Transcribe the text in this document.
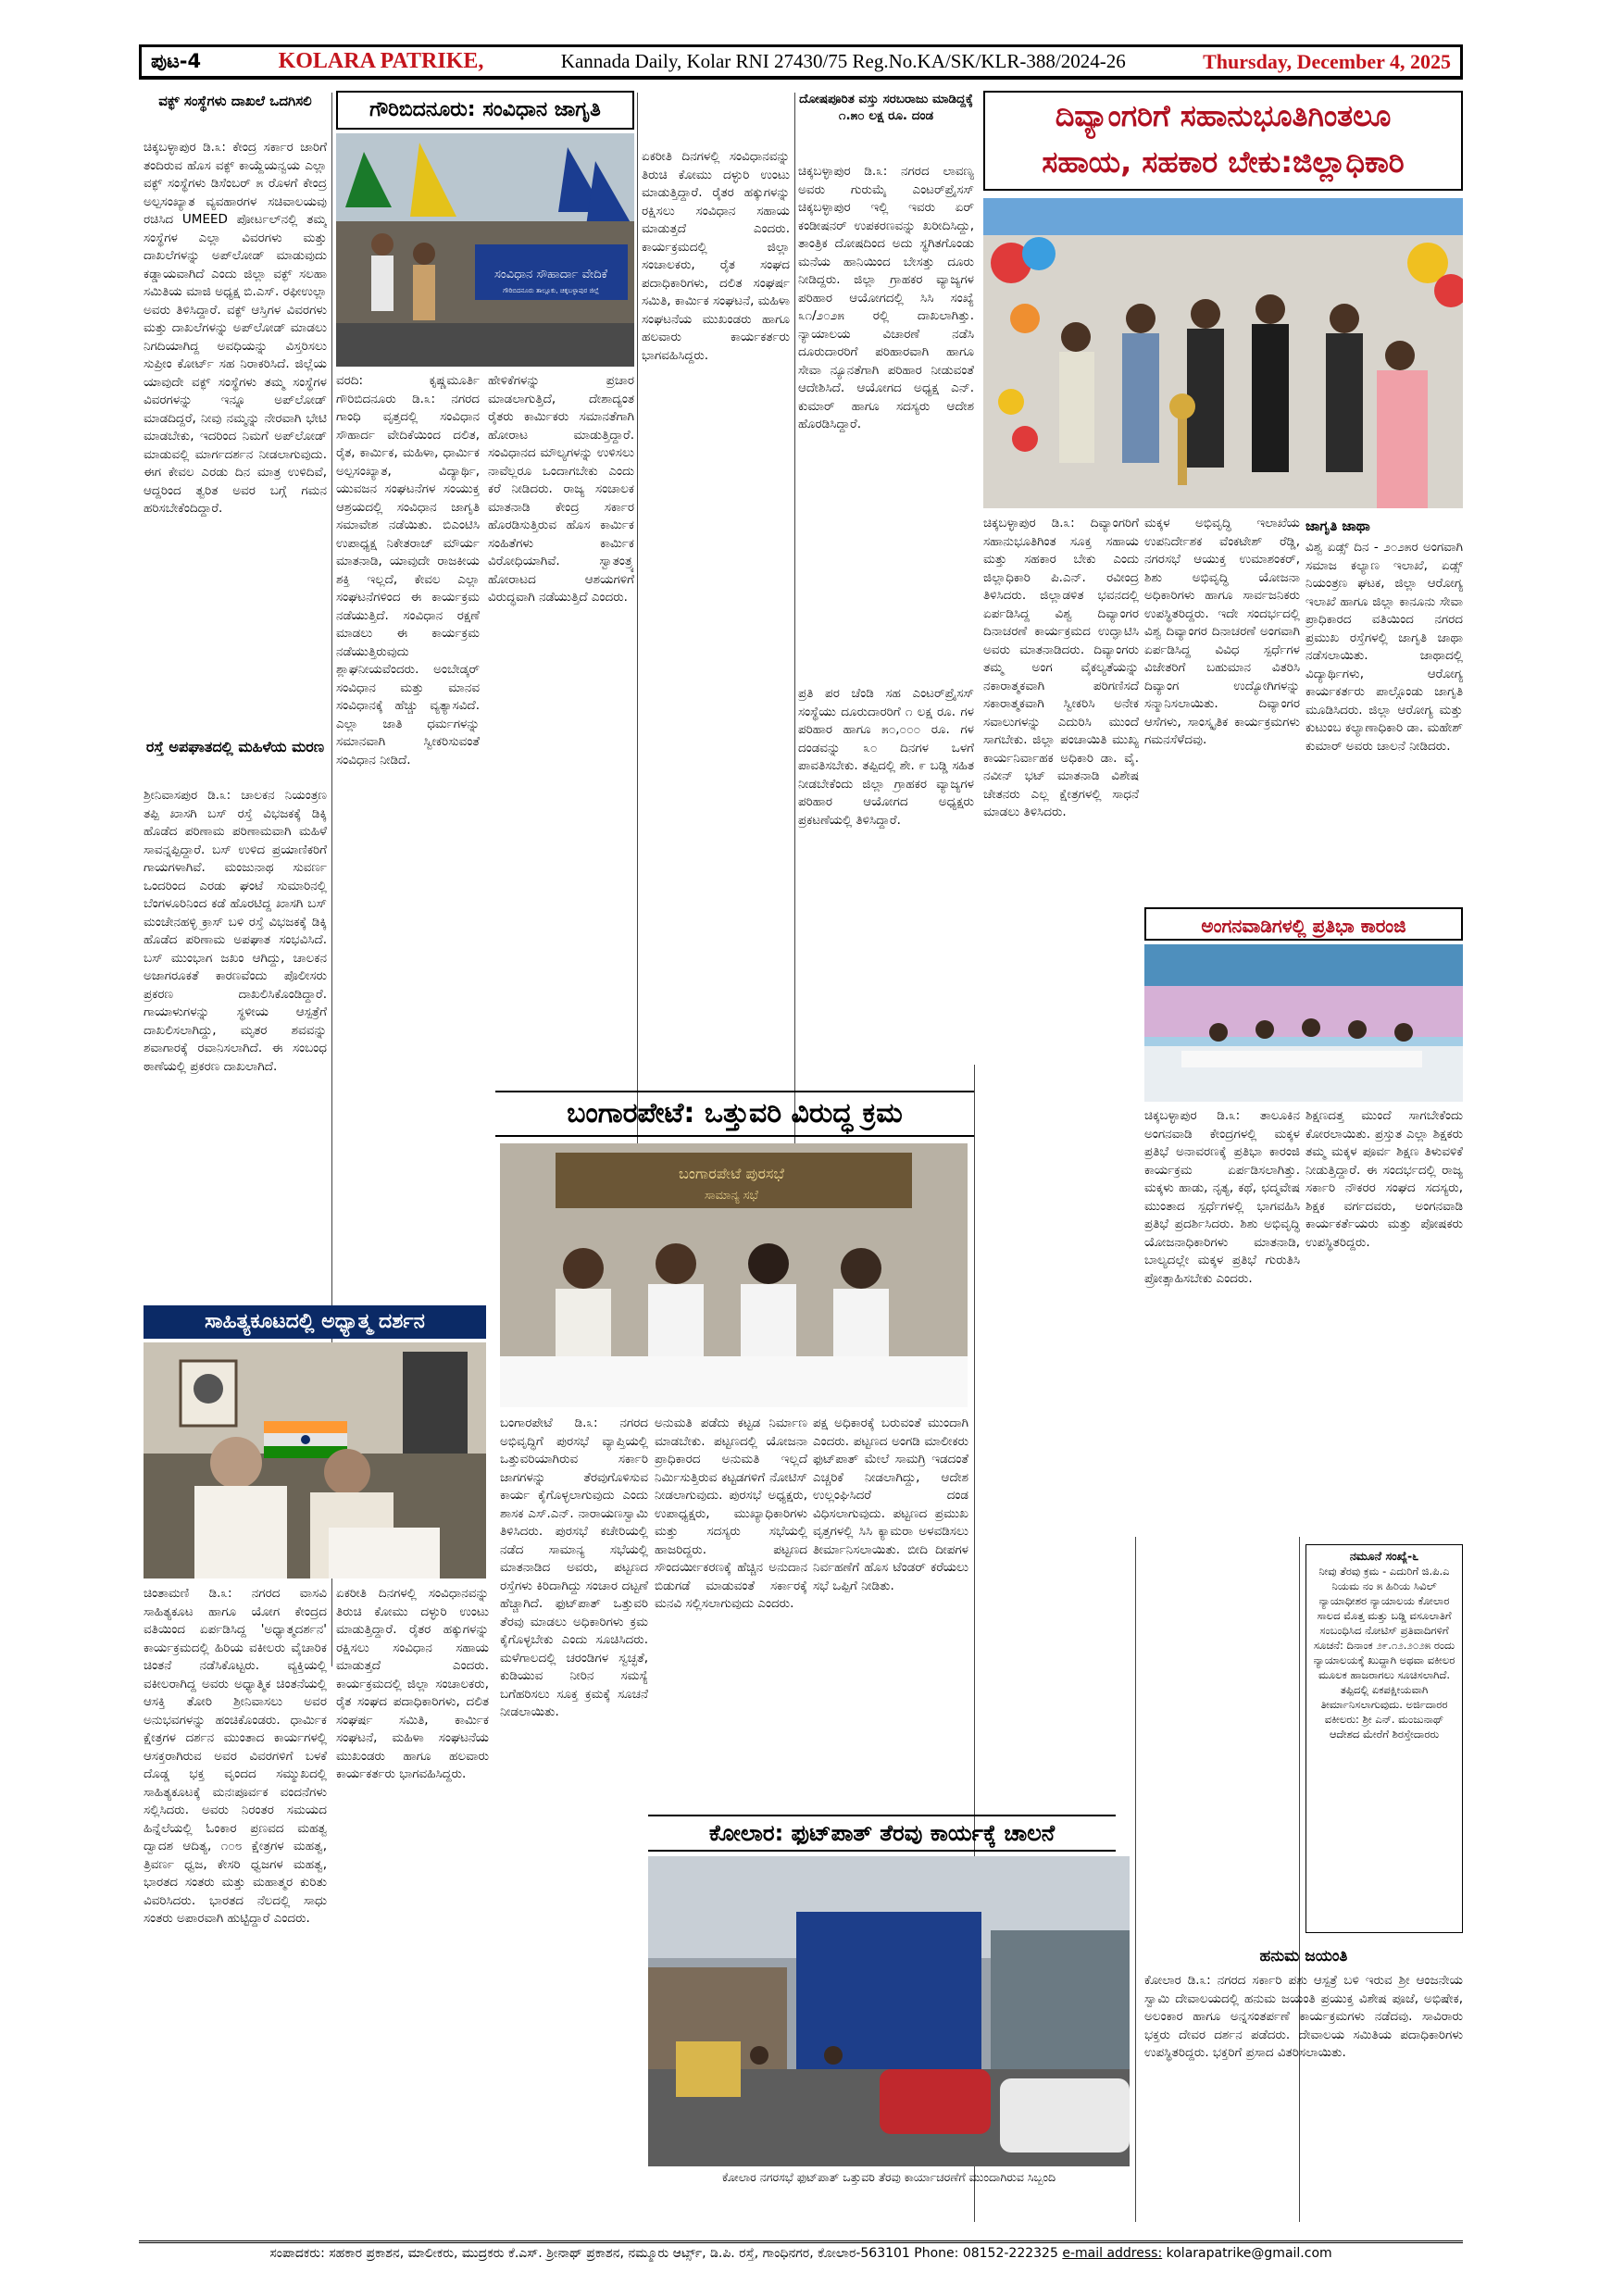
ಪುಟ-4	KOLARA PATRIKE,	Kannada Daily, Kolar RNI 27430/75 Reg.No.KA/SK/KLR-388/2024-26	Thursday, December 4, 2025
ವಕ್ಫ್ ಸಂಸ್ಥೆಗಳು ದಾಖಲೆ ಒದಗಿಸಲಿ
ಚಿಕ್ಕಬಳ್ಳಾಪುರ ಡಿ.೩: ಕೇಂದ್ರ ಸರ್ಕಾರ ಜಾರಿಗೆ ತಂದಿರುವ ಹೊಸ ವಕ್ಫ್ ಕಾಯ್ದೆಯನ್ವಯ ಎಲ್ಲಾ ವಕ್ಫ್ ಸಂಸ್ಥೆಗಳು ಡಿಸೆಂಬರ್ ೫ ರೊಳಗೆ ಕೇಂದ್ರ ಅಲ್ಪಸಂಖ್ಯಾತ ವ್ಯವಹಾರಗಳ ಸಚಿವಾಲಯವು ರಚಿಸಿದ UMEED ಪೋರ್ಟಲ್‌ನಲ್ಲಿ ತಮ್ಮ ಸಂಸ್ಥೆಗಳ ಎಲ್ಲಾ ವಿವರಗಳು ಮತ್ತು ದಾಖಲೆಗಳನ್ನು ಅಪ್‌ಲೋಡ್ ಮಾಡುವುದು ಕಡ್ಡಾಯವಾಗಿದೆ ಎಂದು ಜಿಲ್ಲಾ ವಕ್ಫ್ ಸಲಹಾ ಸಮಿತಿಯ ಮಾಜಿ ಅಧ್ಯಕ್ಷ ಬಿ.ಎಸ್. ರಫೀಉಲ್ಲಾ ಅವರು ತಿಳಿಸಿದ್ದಾರೆ. ವಕ್ಫ್ ಆಸ್ತಿಗಳ ವಿವರಗಳು ಮತ್ತು ದಾಖಲೆಗಳನ್ನು ಅಪ್‌ಲೋಡ್ ಮಾಡಲು ನಿಗದಿಯಾಗಿದ್ದ ಅವಧಿಯನ್ನು ವಿಸ್ತರಿಸಲು ಸುಪ್ರೀಂ ಕೋರ್ಟ್ ಸಹ ನಿರಾಕರಿಸಿದೆ. ಜಿಲ್ಲೆಯ ಯಾವುದೇ ವಕ್ಫ್ ಸಂಸ್ಥೆಗಳು ತಮ್ಮ ಸಂಸ್ಥೆಗಳ ವಿವರಗಳನ್ನು ಇನ್ನೂ ಅಪ್‌ಲೋಡ್ ಮಾಡದಿದ್ದರೆ, ನೀವು ನಮ್ಮನ್ನು ನೇರವಾಗಿ ಭೇಟಿ ಮಾಡಬೇಕು, ಇದರಿಂದ ನಿಮಗೆ ಅಪ್‌ಲೋಡ್ ಮಾಡುವಲ್ಲಿ ಮಾರ್ಗದರ್ಶನ ನೀಡಲಾಗುವುದು. ಈಗ ಕೇವಲ ಎರಡು ದಿನ ಮಾತ್ರ ಉಳಿದಿವೆ, ಆದ್ದರಿಂದ ತ್ವರಿತ ಅವರ ಬಗ್ಗೆ ಗಮನ ಹರಿಸಬೇಕೆಂದಿದ್ದಾರೆ.
ರಸ್ತೆ ಅಪಘಾತದಲ್ಲಿ ಮಹಿಳೆಯ ಮರಣ
ಶ್ರೀನಿವಾಸಪುರ ಡಿ.೩: ಚಾಲಕನ ನಿಯಂತ್ರಣ ತಪ್ಪಿ ಖಾಸಗಿ ಬಸ್ ರಸ್ತೆ ವಿಭಜಕಕ್ಕೆ ಡಿಕ್ಕಿ ಹೊಡೆದ ಪರಿಣಾಮ ಪರಿಣಾಮವಾಗಿ ಮಹಿಳೆ ಸಾವನ್ನಪ್ಪಿದ್ದಾರೆ. ಬಸ್ ಉಳಿದ ಪ್ರಯಾಣಿಕರಿಗೆ ಗಾಯಗಳಾಗಿವೆ. ಮಂಜುನಾಥ ಸುವರ್ಣ ಒಂದರಿಂದ ಎರಡು ಘಂಟೆ ಸುಮಾರಿನಲ್ಲಿ ಬೆಂಗಳೂರಿನಿಂದ ಕಡೆ ಹೊರಟಿದ್ದ ಖಾಸಗಿ ಬಸ್ ಮಂಚೇನಹಳ್ಳಿ ಕ್ರಾಸ್ ಬಳಿ ರಸ್ತೆ ವಿಭಜಕಕ್ಕೆ ಡಿಕ್ಕಿ ಹೊಡೆದ ಪರಿಣಾಮ ಅಪಘಾತ ಸಂಭವಿಸಿದೆ. ಬಸ್ ಮುಂಭಾಗ ಜಖಂ ಆಗಿದ್ದು, ಚಾಲಕನ ಅಜಾಗರೂಕತೆ ಕಾರಣವೆಂದು ಪೊಲೀಸರು ಪ್ರಕರಣ ದಾಖಲಿಸಿಕೊಂಡಿದ್ದಾರೆ. ಗಾಯಾಳುಗಳನ್ನು ಸ್ಥಳೀಯ ಆಸ್ಪತ್ರೆಗೆ ದಾಖಲಿಸಲಾಗಿದ್ದು, ಮೃತರ ಶವವನ್ನು ಶವಾಗಾರಕ್ಕೆ ರವಾನಿಸಲಾಗಿದೆ. ಈ ಸಂಬಂಧ ಠಾಣೆಯಲ್ಲಿ ಪ್ರಕರಣ ದಾಖಲಾಗಿದೆ.
ಸಾಹಿತ್ಯಕೂಟದಲ್ಲಿ ಅಧ್ಯಾತ್ಮ ದರ್ಶನ
ಚಿಂತಾಮಣಿ ಡಿ.೩: ನಗರದ ವಾಸವಿ ಸಾಹಿತ್ಯಕೂಟ ಹಾಗೂ ಯೋಗ ಕೇಂದ್ರದ ವತಿಯಿಂದ ಏರ್ಪಡಿಸಿದ್ದ 'ಅಧ್ಯಾತ್ಮದರ್ಶನ' ಕಾರ್ಯಕ್ರಮದಲ್ಲಿ ಹಿರಿಯ ವಕೀಲರು ವೈಚಾರಿಕ ಚಿಂತನೆ ನಡೆಸಿಕೊಟ್ಟರು. ವ್ಯಕ್ತಿಯಲ್ಲಿ ವಕೀಲರಾಗಿದ್ದ ಅವರು ಅಧ್ಯಾತ್ಮಿಕ ಚಿಂತನೆಯಲ್ಲಿ ಆಸಕ್ತಿ ತೋರಿ ಶ್ರೀನಿವಾಸಲು ಅವರ ಅನುಭವಗಳನ್ನು ಹಂಚಿಕೊಂಡರು. ಧಾರ್ಮಿಕ ಕ್ಷೇತ್ರಗಳ ದರ್ಶನ ಮುಂತಾದ ಕಾರ್ಯಗಳಲ್ಲಿ ಆಸಕ್ತರಾಗಿರುವ ಅವರ ವಿವರಗಳಿಗೆ ಬಳಕೆ ದೊಡ್ಡ ಭಕ್ತ ವೃಂದದ ಸಮ್ಮುಖದಲ್ಲಿ ಸಾಹಿತ್ಯಕೂಟಕ್ಕೆ ಮನಃಪೂರ್ವಕ ವಂದನೆಗಳು ಸಲ್ಲಿಸಿದರು. ಅವರು ನಿರಂತರ ಸಮಯದ ಹಿನ್ನೆಲೆಯಲ್ಲಿ ಓಂಕಾರ ಪ್ರಣವದ ಮಹತ್ವ ದ್ವಾದಶ ಆದಿತ್ಯ, ೧೦೮ ಕ್ಷೇತ್ರಗಳ ಮಹತ್ವ, ತ್ರಿವರ್ಣ ಧ್ವಜ, ಕೇಸರಿ ಧ್ವಜಗಳ ಮಹತ್ವ, ಭಾರತದ ಸಂತರು ಮತ್ತು ಮಹಾತ್ಮರ ಕುರಿತು ವಿವರಿಸಿದರು. ಭಾರತದ ನೆಲದಲ್ಲಿ ಸಾಧು ಸಂತರು ಅಪಾರವಾಗಿ ಹುಟ್ಟಿದ್ದಾರೆ ಎಂದರು.
ಗೌರಿಬಿದನೂರು: ಸಂವಿಧಾನ ಜಾಗೃತಿ
ಸಂವಿಧಾನ ಸೌಹಾರ್ದಾ ವೇದಿಕೆ
ಗೌರಿಬಿದನೂರು ತಾಲ್ಲೂಕು, ಚಿಕ್ಕಬಳ್ಳಾಪುರ ಜಿಲ್ಲೆ
ವರದಿ: ಕೃಷ್ಣಮೂರ್ತಿ ಗೌರಿಬಿದನೂರು ಡಿ.೩: ನಗರದ ಗಾಂಧಿ ವೃತ್ತದಲ್ಲಿ ಸಂವಿಧಾನ ಸೌಹಾರ್ದ ವೇದಿಕೆಯಿಂದ ದಲಿತ, ರೈತ, ಕಾರ್ಮಿಕ, ಮಹಿಳಾ, ಧಾರ್ಮಿಕ ಅಲ್ಪಸಂಖ್ಯಾತ, ವಿದ್ಯಾರ್ಥಿ, ಯುವಜನ ಸಂಘಟನೆಗಳ ಸಂಯುಕ್ತ ಆಶ್ರಯದಲ್ಲಿ ಸಂವಿಧಾನ ಜಾಗೃತಿ ಸಮಾವೇಶ ನಡೆಯಿತು. ಬಿಎಂಟಿಸಿ ಉಪಾಧ್ಯಕ್ಷ ನಿಕೇತರಾಜ್ ಮೌರ್ಯ ಮಾತನಾಡಿ, ಯಾವುದೇ ರಾಜಕೀಯ ಶಕ್ತಿ ಇಲ್ಲದೆ, ಕೇವಲ ಎಲ್ಲಾ ಸಂಘಟನೆಗಳಿಂದ ಈ ಕಾರ್ಯಕ್ರಮ ನಡೆಯುತ್ತಿದೆ. ಸಂವಿಧಾನ ರಕ್ಷಣೆ ಮಾಡಲು ಈ ಕಾರ್ಯಕ್ರಮ ನಡೆಯುತ್ತಿರುವುದು ಶ್ಲಾಘನೀಯವೆಂದರು. ಅಂಬೇಡ್ಕರ್ ಸಂವಿಧಾನ ಮತ್ತು ಮಾನವ ಸಂವಿಧಾನಕ್ಕೆ ಹೆಚ್ಚು ವ್ಯತ್ಯಾಸವಿದೆ. ಎಲ್ಲಾ ಜಾತಿ ಧರ್ಮಗಳನ್ನು ಸಮಾನವಾಗಿ ಸ್ವೀಕರಿಸುವಂತೆ ಸಂವಿಧಾನ ನೀಡಿದೆ.
ಹೇಳಿಕೆಗಳನ್ನು ಪ್ರಚಾರ ಮಾಡಲಾಗುತ್ತಿದೆ, ದೇಶಾದ್ಯಂತ ರೈತರು ಕಾರ್ಮಿಕರು ಸಮಾನತೆಗಾಗಿ ಹೋರಾಟ ಮಾಡುತ್ತಿದ್ದಾರೆ. ಸಂವಿಧಾನದ ಮೌಲ್ಯಗಳನ್ನು ಉಳಿಸಲು ನಾವೆಲ್ಲರೂ ಒಂದಾಗಬೇಕು ಎಂದು ಕರೆ ನೀಡಿದರು. ರಾಜ್ಯ ಸಂಚಾಲಕ ಮಾತನಾಡಿ ಕೇಂದ್ರ ಸರ್ಕಾರ ಹೊರಡಿಸುತ್ತಿರುವ ಹೊಸ ಕಾರ್ಮಿಕ ಸಂಹಿತೆಗಳು ಕಾರ್ಮಿಕ ವಿರೋಧಿಯಾಗಿವೆ. ಸ್ವಾತಂತ್ರ್ಯ ಹೋರಾಟದ ಆಶಯಗಳಿಗೆ ವಿರುದ್ಧವಾಗಿ ನಡೆಯುತ್ತಿದೆ ಎಂದರು.
ಏಕರೀತಿ ದಿನಗಳಲ್ಲಿ ಸಂವಿಧಾನವನ್ನು ತಿರುಚಿ ಕೋಮು ದಳ್ಳುರಿ ಉಂಟು ಮಾಡುತ್ತಿದ್ದಾರೆ. ರೈತರ ಹಕ್ಕುಗಳನ್ನು ರಕ್ಷಿಸಲು ಸಂವಿಧಾನ ಸಹಾಯ ಮಾಡುತ್ತದೆ ಎಂದರು. ಕಾರ್ಯಕ್ರಮದಲ್ಲಿ ಜಿಲ್ಲಾ ಸಂಚಾಲಕರು, ರೈತ ಸಂಘದ ಪದಾಧಿಕಾರಿಗಳು, ದಲಿತ ಸಂಘರ್ಷ ಸಮಿತಿ, ಕಾರ್ಮಿಕ ಸಂಘಟನೆ, ಮಹಿಳಾ ಸಂಘಟನೆಯ ಮುಖಂಡರು ಹಾಗೂ ಹಲವಾರು ಕಾರ್ಯಕರ್ತರು ಭಾಗವಹಿಸಿದ್ದರು.
ದೋಷಪೂರಿತ ವಸ್ತು ಸರಬರಾಜು ಮಾಡಿದ್ದಕ್ಕೆ ೧.೫೦ ಲಕ್ಷ ರೂ. ದಂಡ
ಚಿಕ್ಕಬಳ್ಳಾಪುರ ಡಿ.೩: ನಗರದ ಲಾವಣ್ಯ ಅವರು ಗುರುಮೈ ಎಂಟರ್‌ಪ್ರೈಸಸ್ ಚಿಕ್ಕಬಳ್ಳಾಪುರ ಇಲ್ಲಿ ಇವರು ಏರ್ ಕಂಡೀಷನರ್ ಉಪಕರಣವನ್ನು ಖರೀದಿಸಿದ್ದು, ತಾಂತ್ರಿಕ ದೋಷದಿಂದ ಅದು ಸ್ಥಗಿತಗೊಂಡು ಮನೆಯ ಹಾನಿಯಿಂದ ಬೇಸತ್ತು ದೂರು ನೀಡಿದ್ದರು. ಜಿಲ್ಲಾ ಗ್ರಾಹಕರ ವ್ಯಾಜ್ಯಗಳ ಪರಿಹಾರ ಆಯೋಗದಲ್ಲಿ ಸಿಸಿ ಸಂಖ್ಯೆ ೩೧/೨೦೨೫ ರಲ್ಲಿ ದಾಖಲಾಗಿತ್ತು. ನ್ಯಾಯಾಲಯ ವಿಚಾರಣೆ ನಡೆಸಿ ದೂರುದಾರರಿಗೆ ಪರಿಹಾರವಾಗಿ ಹಾಗೂ ಸೇವಾ ನ್ಯೂನತೆಗಾಗಿ ಪರಿಹಾರ ನೀಡುವಂತೆ ಆದೇಶಿಸಿದೆ. ಆಯೋಗದ ಅಧ್ಯಕ್ಷ ಎನ್. ಕುಮಾರ್ ಹಾಗೂ ಸದಸ್ಯರು ಆದೇಶ ಹೊರಡಿಸಿದ್ದಾರೆ.
ಪ್ರತಿ ಪರ ಚೆಂಡಿ ಸಹ ಎಂಟರ್‌ಪ್ರೈಸಸ್ ಸಂಸ್ಥೆಯು ದೂರುದಾರರಿಗೆ ೧ ಲಕ್ಷ ರೂ. ಗಳ ಪರಿಹಾರ ಹಾಗೂ ೫೦,೦೦೦ ರೂ. ಗಳ ದಂಡವನ್ನು ೩೦ ದಿನಗಳ ಒಳಗೆ ಪಾವತಿಸಬೇಕು. ತಪ್ಪಿದಲ್ಲಿ ಶೇ. ೯ ಬಡ್ಡಿ ಸಹಿತ ನೀಡಬೇಕೆಂದು ಜಿಲ್ಲಾ ಗ್ರಾಹಕರ ವ್ಯಾಜ್ಯಗಳ ಪರಿಹಾರ ಆಯೋಗದ ಅಧ್ಯಕ್ಷರು ಪ್ರಕಟಣೆಯಲ್ಲಿ ತಿಳಿಸಿದ್ದಾರೆ.
ದಿವ್ಯಾಂಗರಿಗೆ ಸಹಾನುಭೂತಿಗಿಂತಲೂ
ಸಹಾಯ, ಸಹಕಾರ ಬೇಕು:ಜಿಲ್ಲಾಧಿಕಾರಿ
ಚಿಕ್ಕಬಳ್ಳಾಪುರ ಡಿ.೩: ದಿವ್ಯಾಂಗರಿಗೆ ಸಹಾನುಭೂತಿಗಿಂತ ಸೂಕ್ತ ಸಹಾಯ ಮತ್ತು ಸಹಕಾರ ಬೇಕು ಎಂದು ಜಿಲ್ಲಾಧಿಕಾರಿ ಪಿ.ಎನ್. ರವೀಂದ್ರ ತಿಳಿಸಿದರು. ಜಿಲ್ಲಾಡಳಿತ ಭವನದಲ್ಲಿ ಏರ್ಪಡಿಸಿದ್ದ ವಿಶ್ವ ದಿವ್ಯಾಂಗರ ದಿನಾಚರಣೆ ಕಾರ್ಯಕ್ರಮದ ಉದ್ಘಾಟಿಸಿ ಅವರು ಮಾತನಾಡಿದರು. ದಿವ್ಯಾಂಗರು ತಮ್ಮ ಅಂಗ ವೈಕಲ್ಯತೆಯನ್ನು ನಕಾರಾತ್ಮಕವಾಗಿ ಪರಿಗಣಿಸದೆ ಸಕಾರಾತ್ಮಕವಾಗಿ ಸ್ವೀಕರಿಸಿ ಅನೇಕ ಸವಾಲುಗಳನ್ನು ಎದುರಿಸಿ ಮುಂದೆ ಸಾಗಬೇಕು. ಜಿಲ್ಲಾ ಪಂಚಾಯಿತಿ ಮುಖ್ಯ ಕಾರ್ಯನಿರ್ವಾಹಕ ಅಧಿಕಾರಿ ಡಾ. ವೈ. ನವೀನ್ ಭಟ್ ಮಾತನಾಡಿ ವಿಶೇಷ ಚೇತನರು ಎಲ್ಲ ಕ್ಷೇತ್ರಗಳಲ್ಲಿ ಸಾಧನೆ ಮಾಡಲು ತಿಳಿಸಿದರು.
ಮಕ್ಕಳ ಅಭಿವೃದ್ಧಿ ಇಲಾಖೆಯ ಉಪನಿರ್ದೇಶಕ ವೆಂಕಟೇಶ್ ರೆಡ್ಡಿ, ನಗರಸಭೆ ಆಯುಕ್ತ ಉಮಾಶಂಕರ್, ಶಿಶು ಅಭಿವೃದ್ಧಿ ಯೋಜನಾ ಅಧಿಕಾರಿಗಳು ಹಾಗೂ ಸಾರ್ವಜನಿಕರು ಉಪಸ್ಥಿತರಿದ್ದರು. ಇದೇ ಸಂದರ್ಭದಲ್ಲಿ ವಿಶ್ವ ದಿವ್ಯಾಂಗರ ದಿನಾಚರಣೆ ಅಂಗವಾಗಿ ಏರ್ಪಡಿಸಿದ್ದ ವಿವಿಧ ಸ್ಪರ್ಧೆಗಳ ವಿಜೇತರಿಗೆ ಬಹುಮಾನ ವಿತರಿಸಿ ದಿವ್ಯಾಂಗ ಉದ್ಯೋಗಿಗಳನ್ನು ಸನ್ಮಾನಿಸಲಾಯಿತು. ದಿವ್ಯಾಂಗರ ಆಸೆಗಳು, ಸಾಂಸ್ಕೃತಿಕ ಕಾರ್ಯಕ್ರಮಗಳು ಗಮನಸೆಳೆದವು.
ಜಾಗೃತಿ ಜಾಥಾ
ವಿಶ್ವ ಏಡ್ಸ್ ದಿನ - ೨೦೨೫ರ ಅಂಗವಾಗಿ ಸಮಾಜ ಕಲ್ಯಾಣ ಇಲಾಖೆ, ಏಡ್ಸ್ ನಿಯಂತ್ರಣ ಘಟಕ, ಜಿಲ್ಲಾ ಆರೋಗ್ಯ ಇಲಾಖೆ ಹಾಗೂ ಜಿಲ್ಲಾ ಕಾನೂನು ಸೇವಾ ಪ್ರಾಧಿಕಾರದ ವತಿಯಿಂದ ನಗರದ ಪ್ರಮುಖ ರಸ್ತೆಗಳಲ್ಲಿ ಜಾಗೃತಿ ಜಾಥಾ ನಡೆಸಲಾಯಿತು. ಜಾಥಾದಲ್ಲಿ ವಿದ್ಯಾರ್ಥಿಗಳು, ಆರೋಗ್ಯ ಕಾರ್ಯಕರ್ತರು ಪಾಲ್ಗೊಂಡು ಜಾಗೃತಿ ಮೂಡಿಸಿದರು. ಜಿಲ್ಲಾ ಆರೋಗ್ಯ ಮತ್ತು ಕುಟುಂಬ ಕಲ್ಯಾಣಾಧಿಕಾರಿ ಡಾ. ಮಹೇಶ್ ಕುಮಾರ್ ಅವರು ಚಾಲನೆ ನೀಡಿದರು.
ಅಂಗನವಾಡಿಗಳಲ್ಲಿ ಪ್ರತಿಭಾ ಕಾರಂಜಿ
ಚಿಕ್ಕಬಳ್ಳಾಪುರ ಡಿ.೩: ತಾಲೂಕಿನ ಅಂಗನವಾಡಿ ಕೇಂದ್ರಗಳಲ್ಲಿ ಮಕ್ಕಳ ಪ್ರತಿಭೆ ಅನಾವರಣಕ್ಕೆ ಪ್ರತಿಭಾ ಕಾರಂಜಿ ಕಾರ್ಯಕ್ರಮ ಏರ್ಪಡಿಸಲಾಗಿತ್ತು. ಮಕ್ಕಳು ಹಾಡು, ನೃತ್ಯ, ಕಥೆ, ಛದ್ಮವೇಷ ಮುಂತಾದ ಸ್ಪರ್ಧೆಗಳಲ್ಲಿ ಭಾಗವಹಿಸಿ ಪ್ರತಿಭೆ ಪ್ರದರ್ಶಿಸಿದರು. ಶಿಶು ಅಭಿವೃದ್ಧಿ ಯೋಜನಾಧಿಕಾರಿಗಳು ಮಾತನಾಡಿ, ಬಾಲ್ಯದಲ್ಲೇ ಮಕ್ಕಳ ಪ್ರತಿಭೆ ಗುರುತಿಸಿ ಪ್ರೋತ್ಸಾಹಿಸಬೇಕು ಎಂದರು.
ಶಿಕ್ಷಣದತ್ತ ಮುಂದೆ ಸಾಗಬೇಕೆಂದು ಕೋರಲಾಯಿತು. ಪ್ರಸ್ತುತ ಎಲ್ಲಾ ಶಿಕ್ಷಕರು ತಮ್ಮ ಮಕ್ಕಳ ಪೂರ್ವ ಶಿಕ್ಷಣ ತಿಳುವಳಿಕೆ ನೀಡುತ್ತಿದ್ದಾರೆ. ಈ ಸಂದರ್ಭದಲ್ಲಿ ರಾಜ್ಯ ಸರ್ಕಾರಿ ನೌಕರರ ಸಂಘದ ಸದಸ್ಯರು, ಶಿಕ್ಷಕ ವರ್ಗದವರು, ಅಂಗನವಾಡಿ ಕಾರ್ಯಕರ್ತೆಯರು ಮತ್ತು ಪೋಷಕರು ಉಪಸ್ಥಿತರಿದ್ದರು.
ಬಂಗಾರಪೇಟೆ: ಒತ್ತುವರಿ ವಿರುದ್ಧ ಕ್ರಮ
ಬಂಗಾರಪೇಟೆ ಪುರಸಭೆ
ಸಾಮಾನ್ಯ ಸಭೆ
ಬಂಗಾರಪೇಟೆ ಡಿ.೩: ನಗರದ ಅಭಿವೃದ್ಧಿಗೆ ಪುರಸಭೆ ವ್ಯಾಪ್ತಿಯಲ್ಲಿ ಒತ್ತುವರಿಯಾಗಿರುವ ಸರ್ಕಾರಿ ಜಾಗಗಳನ್ನು ತೆರವುಗೊಳಿಸುವ ಕಾರ್ಯ ಕೈಗೊಳ್ಳಲಾಗುವುದು ಎಂದು ಶಾಸಕ ಎಸ್.ಎನ್. ನಾರಾಯಣಸ್ವಾಮಿ ತಿಳಿಸಿದರು. ಪುರಸಭೆ ಕಚೇರಿಯಲ್ಲಿ ನಡೆದ ಸಾಮಾನ್ಯ ಸಭೆಯಲ್ಲಿ ಮಾತನಾಡಿದ ಅವರು, ಪಟ್ಟಣದ ರಸ್ತೆಗಳು ಕಿರಿದಾಗಿದ್ದು ಸಂಚಾರ ದಟ್ಟಣೆ ಹೆಚ್ಚಾಗಿದೆ. ಫುಟ್‌ಪಾತ್ ಒತ್ತುವರಿ ತೆರವು ಮಾಡಲು ಅಧಿಕಾರಿಗಳು ಕ್ರಮ ಕೈಗೊಳ್ಳಬೇಕು ಎಂದು ಸೂಚಿಸಿದರು. ಮಳೆಗಾಲದಲ್ಲಿ ಚರಂಡಿಗಳ ಸ್ವಚ್ಛತೆ, ಕುಡಿಯುವ ನೀರಿನ ಸಮಸ್ಯೆ ಬಗೆಹರಿಸಲು ಸೂಕ್ತ ಕ್ರಮಕ್ಕೆ ಸೂಚನೆ ನೀಡಲಾಯಿತು.
ಅನುಮತಿ ಪಡೆದು ಕಟ್ಟಡ ನಿರ್ಮಾಣ ಮಾಡಬೇಕು. ಪಟ್ಟಣದಲ್ಲಿ ಯೋಜನಾ ಪ್ರಾಧಿಕಾರದ ಅನುಮತಿ ಇಲ್ಲದೆ ನಿರ್ಮಿಸುತ್ತಿರುವ ಕಟ್ಟಡಗಳಿಗೆ ನೋಟಿಸ್ ನೀಡಲಾಗುವುದು. ಪುರಸಭೆ ಅಧ್ಯಕ್ಷರು, ಉಪಾಧ್ಯಕ್ಷರು, ಮುಖ್ಯಾಧಿಕಾರಿಗಳು ಮತ್ತು ಸದಸ್ಯರು ಸಭೆಯಲ್ಲಿ ಹಾಜರಿದ್ದರು. ಪಟ್ಟಣದ ಸೌಂದರ್ಯೀಕರಣಕ್ಕೆ ಹೆಚ್ಚಿನ ಅನುದಾನ ಬಿಡುಗಡೆ ಮಾಡುವಂತೆ ಸರ್ಕಾರಕ್ಕೆ ಮನವಿ ಸಲ್ಲಿಸಲಾಗುವುದು ಎಂದರು.
ಪಕ್ಷ ಅಧಿಕಾರಕ್ಕೆ ಬರುವಂತೆ ಮುಂದಾಗಿ ಎಂದರು. ಪಟ್ಟಣದ ಅಂಗಡಿ ಮಾಲೀಕರು ಫುಟ್‌ಪಾತ್ ಮೇಲೆ ಸಾಮಗ್ರಿ ಇಡದಂತೆ ಎಚ್ಚರಿಕೆ ನೀಡಲಾಗಿದ್ದು, ಆದೇಶ ಉಲ್ಲಂಘಿಸಿದರೆ ದಂಡ ವಿಧಿಸಲಾಗುವುದು. ಪಟ್ಟಣದ ಪ್ರಮುಖ ವೃತ್ತಗಳಲ್ಲಿ ಸಿಸಿ ಕ್ಯಾಮರಾ ಅಳವಡಿಸಲು ತೀರ್ಮಾನಿಸಲಾಯಿತು. ಬೀದಿ ದೀಪಗಳ ನಿರ್ವಹಣೆಗೆ ಹೊಸ ಟೆಂಡರ್ ಕರೆಯಲು ಸಭೆ ಒಪ್ಪಿಗೆ ನೀಡಿತು.
ಏಕರೀತಿ ದಿನಗಳಲ್ಲಿ ಸಂವಿಧಾನವನ್ನು ತಿರುಚಿ ಕೋಮು ದಳ್ಳುರಿ ಉಂಟು ಮಾಡುತ್ತಿದ್ದಾರೆ. ರೈತರ ಹಕ್ಕುಗಳನ್ನು ರಕ್ಷಿಸಲು ಸಂವಿಧಾನ ಸಹಾಯ ಮಾಡುತ್ತದೆ ಎಂದರು. ಕಾರ್ಯಕ್ರಮದಲ್ಲಿ ಜಿಲ್ಲಾ ಸಂಚಾಲಕರು, ರೈತ ಸಂಘದ ಪದಾಧಿಕಾರಿಗಳು, ದಲಿತ ಸಂಘರ್ಷ ಸಮಿತಿ, ಕಾರ್ಮಿಕ ಸಂಘಟನೆ, ಮಹಿಳಾ ಸಂಘಟನೆಯ ಮುಖಂಡರು ಹಾಗೂ ಹಲವಾರು ಕಾರ್ಯಕರ್ತರು ಭಾಗವಹಿಸಿದ್ದರು.
ಕೋಲಾರ: ಫುಟ್‌ಪಾತ್ ತೆರವು ಕಾರ್ಯಕ್ಕೆ ಚಾಲನೆ
ಕೋಲಾರ ನಗರಸಭೆ ಫುಟ್‌ಪಾತ್ ಒತ್ತುವರಿ ತೆರವು ಕಾರ್ಯಾಚರಣೆಗೆ ಮುಂದಾಗಿರುವ ಸಿಬ್ಬಂದಿ
ನಮೂನೆ ಸಂಖ್ಯೆ-೬
ನೀವು ತೆರವು ಕ್ರಮ - ಎದುರಿಗೆ ಜಿ.ಪಿ.ಎ ನಿಯಮ ನಂ ೫ ಹಿರಿಯ ಸಿವಿಲ್ ನ್ಯಾಯಾಧೀಶರ ನ್ಯಾಯಾಲಯ ಕೋಲಾರ ಸಾಲದ ಮೊತ್ತ ಮತ್ತು ಬಡ್ಡಿ ವಸೂಲಾತಿಗೆ ಸಂಬಂಧಿಸಿದ ನೋಟಿಸ್ ಪ್ರತಿವಾದಿಗಳಿಗೆ ಸೂಚನೆ: ದಿನಾಂಕ ೨೯.೧೨.೨೦೨೫ ರಂದು ನ್ಯಾಯಾಲಯಕ್ಕೆ ಖುದ್ದಾಗಿ ಅಥವಾ ವಕೀಲರ ಮೂಲಕ ಹಾಜರಾಗಲು ಸೂಚಿಸಲಾಗಿದೆ. ತಪ್ಪಿದಲ್ಲಿ ಏಕಪಕ್ಷೀಯವಾಗಿ ತೀರ್ಮಾನಿಸಲಾಗುವುದು. ಅರ್ಜಿದಾರರ ವಕೀಲರು: ಶ್ರೀ ಎನ್. ಮಂಜುನಾಥ್ ಆದೇಶದ ಮೇರೆಗೆ ಶಿರಸ್ತೇದಾರರು
ಹನುಮ ಜಯಂತಿ
ಕೋಲಾರ ಡಿ.೩: ನಗರದ ಸರ್ಕಾರಿ ಪಶು ಆಸ್ಪತ್ರೆ ಬಳಿ ಇರುವ ಶ್ರೀ ಆಂಜನೇಯ ಸ್ವಾಮಿ ದೇವಾಲಯದಲ್ಲಿ ಹನುಮ ಜಯಂತಿ ಪ್ರಯುಕ್ತ ವಿಶೇಷ ಪೂಜೆ, ಅಭಿಷೇಕ, ಅಲಂಕಾರ ಹಾಗೂ ಅನ್ನಸಂತರ್ಪಣೆ ಕಾರ್ಯಕ್ರಮಗಳು ನಡೆದವು. ಸಾವಿರಾರು ಭಕ್ತರು ದೇವರ ದರ್ಶನ ಪಡೆದರು. ದೇವಾಲಯ ಸಮಿತಿಯ ಪದಾಧಿಕಾರಿಗಳು ಉಪಸ್ಥಿತರಿದ್ದರು. ಭಕ್ತರಿಗೆ ಪ್ರಸಾದ ವಿತರಿಸಲಾಯಿತು.
ಸಂಪಾದಕರು: ಸಹಕಾರ ಪ್ರಕಾಶನ, ಮಾಲೀಕರು, ಮುದ್ರಕರು ಕೆ.ಎಸ್. ಶ್ರೀನಾಥ್ ಪ್ರಕಾಶನ, ನಮ್ಮೂರು ಆರ್ಟ್ಸ್, ಡಿ.ಪಿ. ರಸ್ತೆ, ಗಾಂಧಿನಗರ, ಕೋಲಾರ-563101 Phone: 08152-222325 e-mail address: kolarapatrike@gmail.com
